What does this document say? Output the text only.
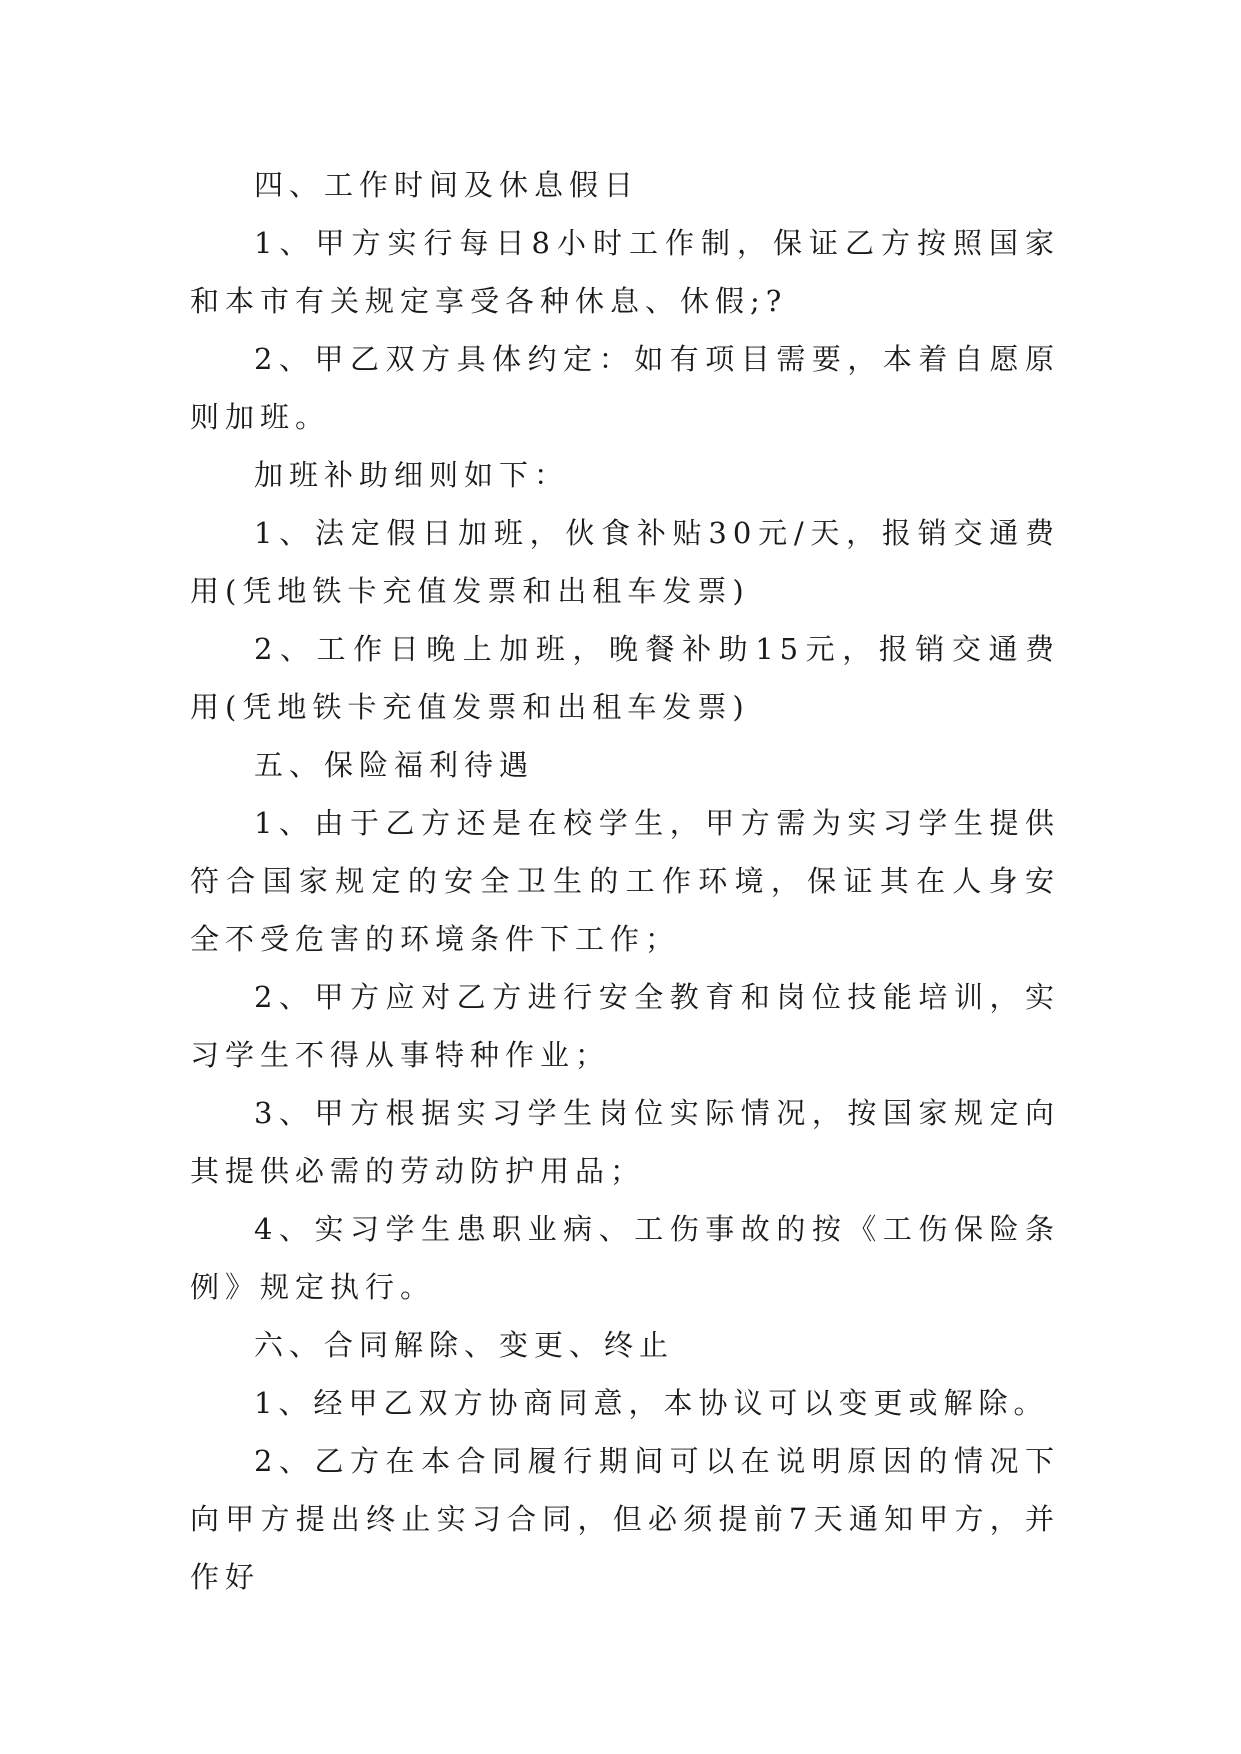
四、工作时间及休息假日

1、甲方实行每日8小时工作制，保证乙方按照国家和本市有关规定享受各种休息、休假;?

2、甲乙双方具体约定：如有项目需要，本着自愿原则加班。

加班补助细则如下：

1、法定假日加班，伙食补贴30元/天，报销交通费用(凭地铁卡充值发票和出租车发票)

2、工作日晚上加班，晚餐补助15元，报销交通费用(凭地铁卡充值发票和出租车发票)

五、保险福利待遇

1、由于乙方还是在校学生，甲方需为实习学生提供符合国家规定的安全卫生的工作环境，保证其在人身安全不受危害的环境条件下工作；

2、甲方应对乙方进行安全教育和岗位技能培训，实习学生不得从事特种作业；

3、甲方根据实习学生岗位实际情况，按国家规定向其提供必需的劳动防护用品；

4、实习学生患职业病、工伤事故的按《工伤保险条例》规定执行。

六、合同解除、变更、终止

1、经甲乙双方协商同意，本协议可以变更或解除。

2、乙方在本合同履行期间可以在说明原因的情况下向甲方提出终止实习合同，但必须提前7天通知甲方，并作好
